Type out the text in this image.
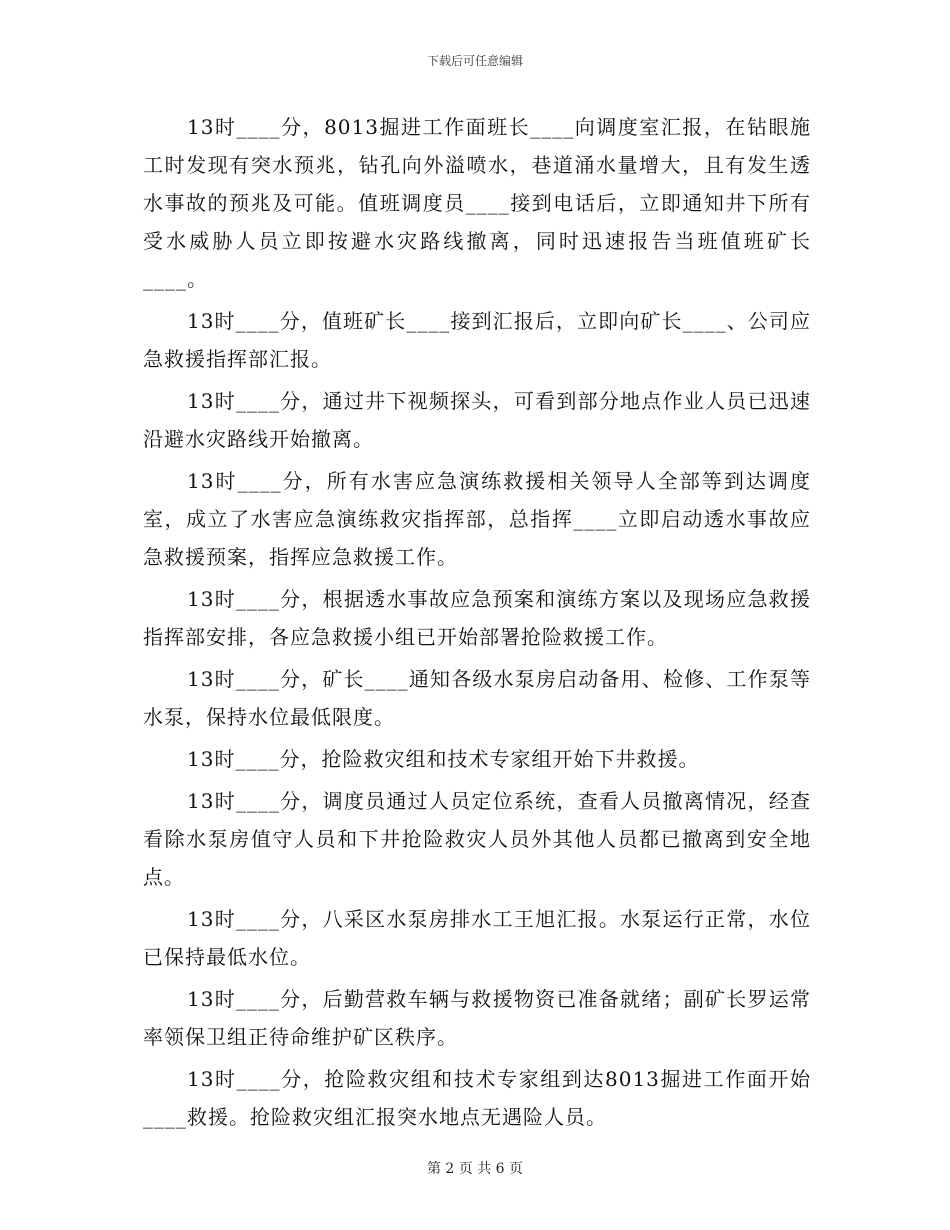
下载后可任意编辑

13时____分，8013掘进工作面班长____向调度室汇报，在钻眼施工时发现有突水预兆，钻孔向外溢喷水，巷道涌水量增大，且有发生透水事故的预兆及可能。值班调度员____接到电话后，立即通知井下所有受水威胁人员立即按避水灾路线撤离，同时迅速报告当班值班矿长____。

13时____分，值班矿长____接到汇报后，立即向矿长____、公司应急救援指挥部汇报。

13时____分，通过井下视频探头，可看到部分地点作业人员已迅速沿避水灾路线开始撤离。

13时____分，所有水害应急演练救援相关领导人全部等到达调度室，成立了水害应急演练救灾指挥部，总指挥____立即启动透水事故应急救援预案，指挥应急救援工作。

13时____分，根据透水事故应急预案和演练方案以及现场应急救援指挥部安排，各应急救援小组已开始部署抢险救援工作。

13时____分，矿长____通知各级水泵房启动备用、检修、工作泵等水泵，保持水位最低限度。

13时____分，抢险救灾组和技术专家组开始下井救援。

13时____分，调度员通过人员定位系统，查看人员撤离情况，经查看除水泵房值守人员和下井抢险救灾人员外其他人员都已撤离到安全地点。

13时____分，八采区水泵房排水工王旭汇报。水泵运行正常，水位已保持最低水位。

13时____分，后勤营救车辆与救援物资已准备就绪；副矿长罗运常率领保卫组正待命维护矿区秩序。

13时____分，抢险救灾组和技术专家组到达8013掘进工作面开始____救援。抢险救灾组汇报突水地点无遇险人员。

第 2 页 共 6 页
